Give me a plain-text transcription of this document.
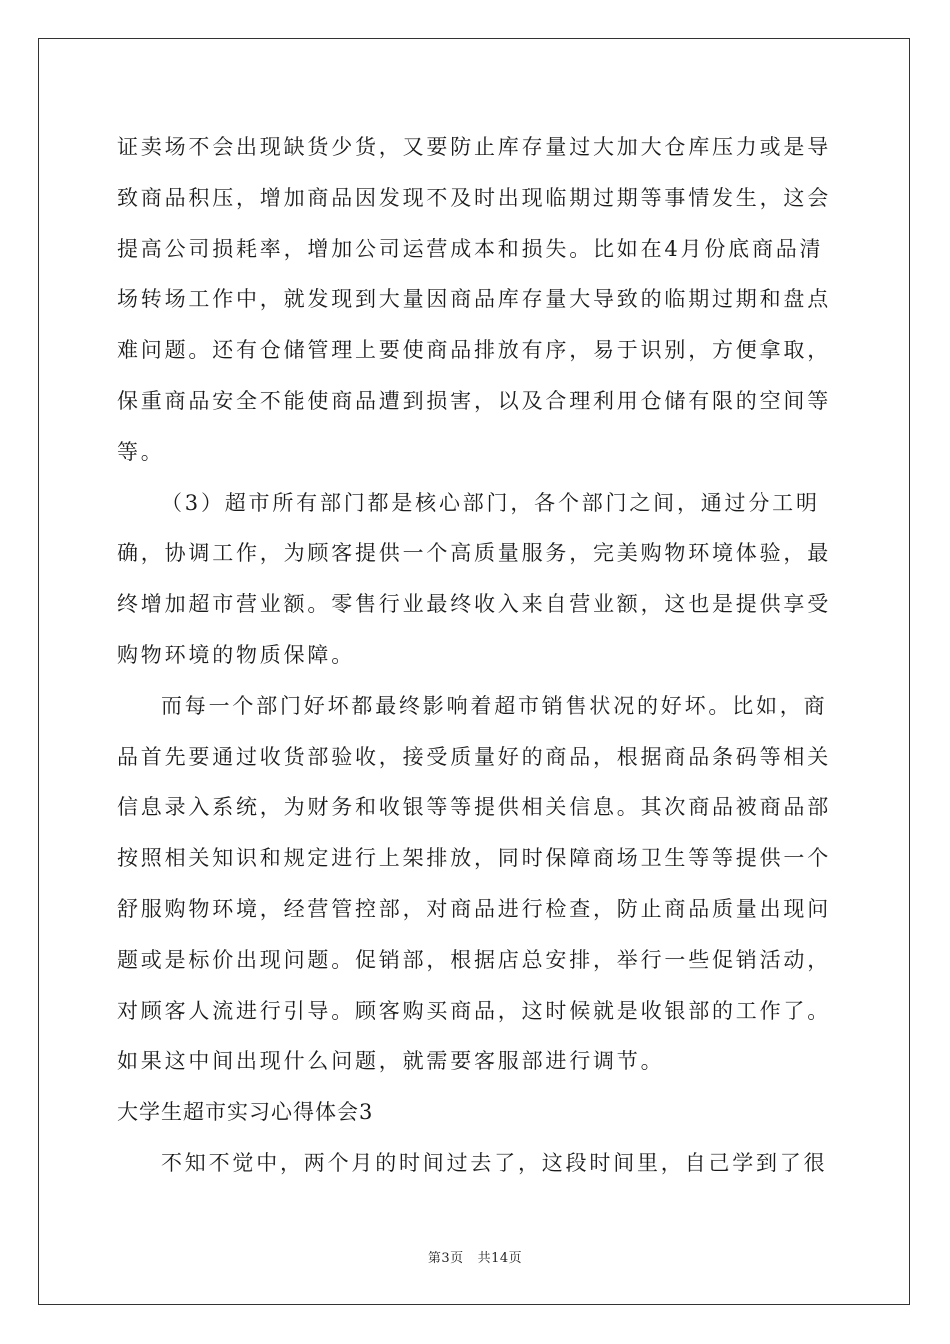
证卖场不会出现缺货少货，又要防止库存量过大加大仓库压力或是导
致商品积压，增加商品因发现不及时出现临期过期等事情发生，这会
提高公司损耗率，增加公司运营成本和损失。比如在4月份底商品清
场转场工作中，就发现到大量因商品库存量大导致的临期过期和盘点
难问题。还有仓储管理上要使商品排放有序，易于识别，方便拿取，
保重商品安全不能使商品遭到损害，以及合理利用仓储有限的空间等
等。
（3）超市所有部门都是核心部门，各个部门之间，通过分工明
确，协调工作，为顾客提供一个高质量服务，完美购物环境体验，最
终增加超市营业额。零售行业最终收入来自营业额，这也是提供享受
购物环境的物质保障。
而每一个部门好坏都最终影响着超市销售状况的好坏。比如，商
品首先要通过收货部验收，接受质量好的商品，根据商品条码等相关
信息录入系统，为财务和收银等等提供相关信息。其次商品被商品部
按照相关知识和规定进行上架排放，同时保障商场卫生等等提供一个
舒服购物环境，经营管控部，对商品进行检查，防止商品质量出现问
题或是标价出现问题。促销部，根据店总安排，举行一些促销活动，
对顾客人流进行引导。顾客购买商品，这时候就是收银部的工作了。
如果这中间出现什么问题，就需要客服部进行调节。
大学生超市实习心得体会3
不知不觉中，两个月的时间过去了，这段时间里，自己学到了很
第3页 共14页
